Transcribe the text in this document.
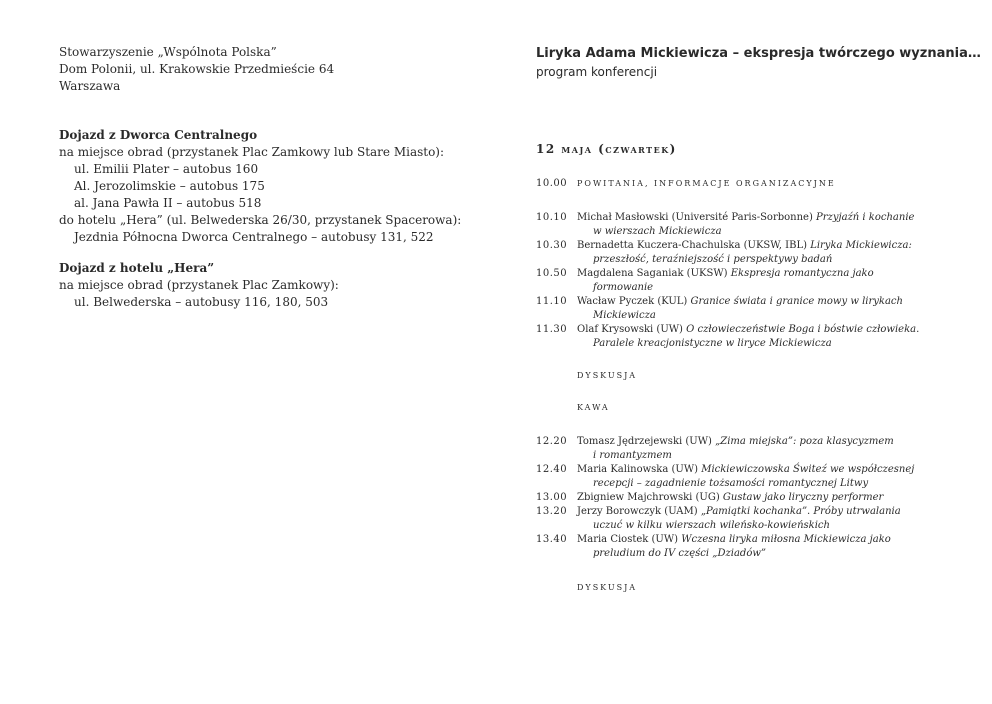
Stowarzyszenie „Wspólnota Polska”
Dom Polonii, ul. Krakowskie Przedmieście 64
Warszawa
Dojazd z Dworca Centralnego
na miejsce obrad (przystanek Plac Zamkowy lub Stare Miasto):
ul. Emilii Plater – autobus 160
Al. Jerozolimskie – autobus 175
al. Jana Pawła II – autobus 518
do hotelu „Hera” (ul. Belwederska 26/30, przystanek Spacerowa):
Jezdnia Północna Dworca Centralnego – autobusy 131, 522
Dojazd z hotelu „Hera”
na miejsce obrad (przystanek Plac Zamkowy):
ul. Belwederska – autobusy 116, 180, 503
Liryka Adama Mickiewicza – ekspresja twórczego wyznania…
program konferencji
12 maja (czwartek)
10.00	POWITANIA, INFORMACJE ORGANIZACYJNE
10.10 Michał Masłowski (Université Paris-Sorbonne) Przyjaźń i kochanie
w wierszach Mickiewicza
10.30 Bernadetta Kuczera-Chachulska (UKSW, IBL) Liryka Mickiewicza:
przeszłość, teraźniejszość i perspektywy badań
10.50 Magdalena Saganiak (UKSW) Ekspresja romantyczna jako
formowanie
11.10 Wacław Pyczek (KUL) Granice świata i granice mowy w lirykach
Mickiewicza
11.30 Olaf Krysowski (UW) O człowieczeństwie Boga i bóstwie człowieka.
Paralele kreacjonistyczne w liryce Mickiewicza
DYSKUSJA
KAWA
12.20 Tomasz Jędrzejewski (UW) „Zima miejska”: poza klasycyzmem
i romantyzmem
12.40 Maria Kalinowska (UW) Mickiewiczowska Świteź we współczesnej
recepcji – zagadnienie tożsamości romantycznej Litwy
13.00 Zbigniew Majchrowski (UG) Gustaw jako liryczny performer
13.20 Jerzy Borowczyk (UAM) „Pamiątki kochanka”. Próby utrwalania
uczuć w kilku wierszach wileńsko-kowieńskich
13.40 Maria Ciostek (UW) Wczesna liryka miłosna Mickiewicza jako
preludium do IV części „Dziadów”
DYSKUSJA
